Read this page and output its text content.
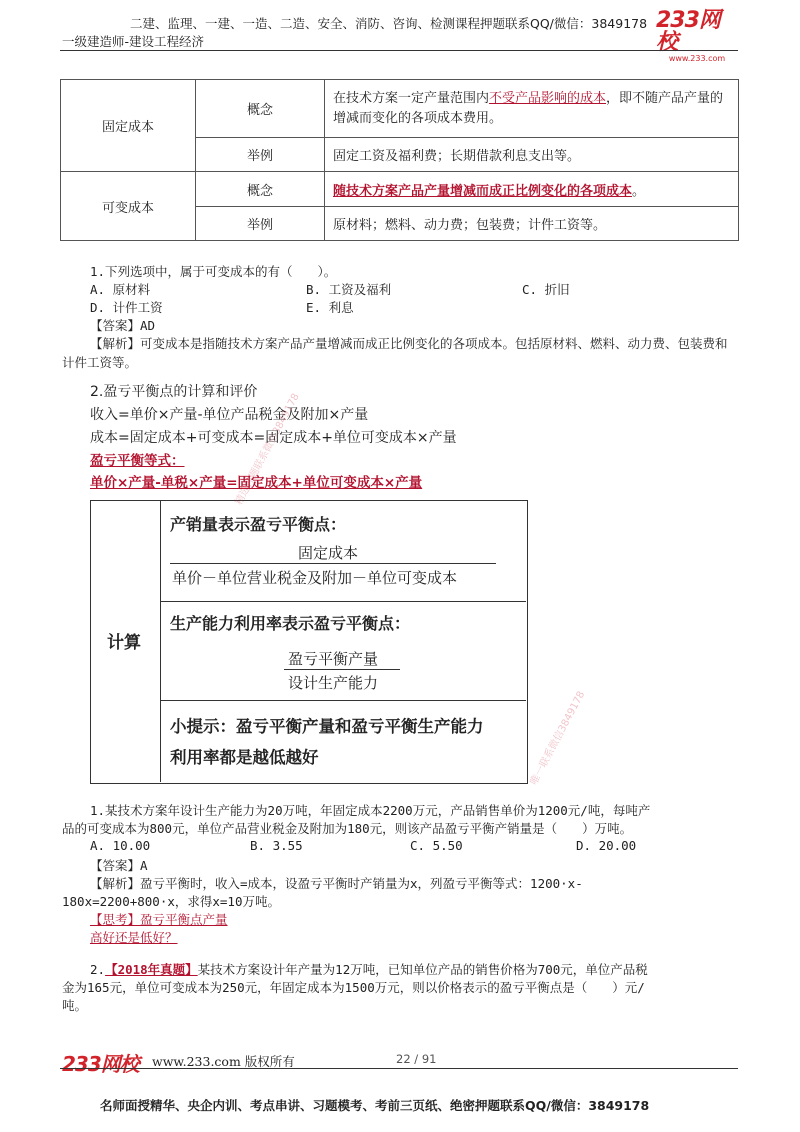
二建、监理、一建、一造、二造、安全、消防、咨询、检测课程押题联系QQ/微信：3849178
一级建造师-建设工程经济
233网校
www.233.com
固定成本	概念	在技术方案一定产量范围内不受产品影响的成本，即不随产品产量的增减而变化的各项成本费用。
	举例	固定工资及福利费；长期借款利息支出等。
可变成本	概念	随技术方案产品产量增减而成正比例变化的各项成本。
	举例	原材料；燃料、动力费；包装费；计件工资等。
1.下列选项中，属于可变成本的有（　　）。
A. 原材料	B. 工资及福利	C. 折旧
D. 计件工资	E. 利息
【答案】AD
【解析】可变成本是指随技术方案产品产量增减而成正比例变化的各项成本。包括原材料、燃料、动力费、包装费和计件工资等。
2.盈亏平衡点的计算和评价
收入=单价×产量-单位产品税金及附加×产量
成本=固定成本+可变成本=固定成本+单位可变成本×产量
盈亏平衡等式：
单价×产量-单税×产量=固定成本+单位可变成本×产量
计算
产销量表示盈亏平衡点：
固定成本
单价－单位营业税金及附加－单位可变成本
生产能力利用率表示盈亏平衡点：
盈亏平衡产量
设计生产能力
小提示：盈亏平衡产量和盈亏平衡生产能力
利用率都是越低越好
精选押题联系微信3849178
唯一联系微信3849178
1.某技术方案年设计生产能力为20万吨，年固定成本2200万元，产品销售单价为1200元/吨，每吨产
品的可变成本为800元，单位产品营业税金及附加为180元，则该产品盈亏平衡产销量是（　　）万吨。
A. 10.00	B. 3.55	C. 5.50	D. 20.00
【答案】A
【解析】盈亏平衡时，收入=成本，设盈亏平衡时产销量为x，列盈亏平衡等式：1200·x-
180x=2200+800·x，求得x=10万吨。
【思考】盈亏平衡点产量
高好还是低好？
2.【2018年真题】某技术方案设计年产量为12万吨，已知单位产品的销售价格为700元，单位产品税
金为165元，单位可变成本为250元，年固定成本为1500万元，则以价格表示的盈亏平衡点是（　　）元/
吨。
233网校 www.233.com 版权所有	22 / 91
名师面授精华、央企内训、考点串讲、习题模考、考前三页纸、绝密押题联系QQ/微信：3849178
